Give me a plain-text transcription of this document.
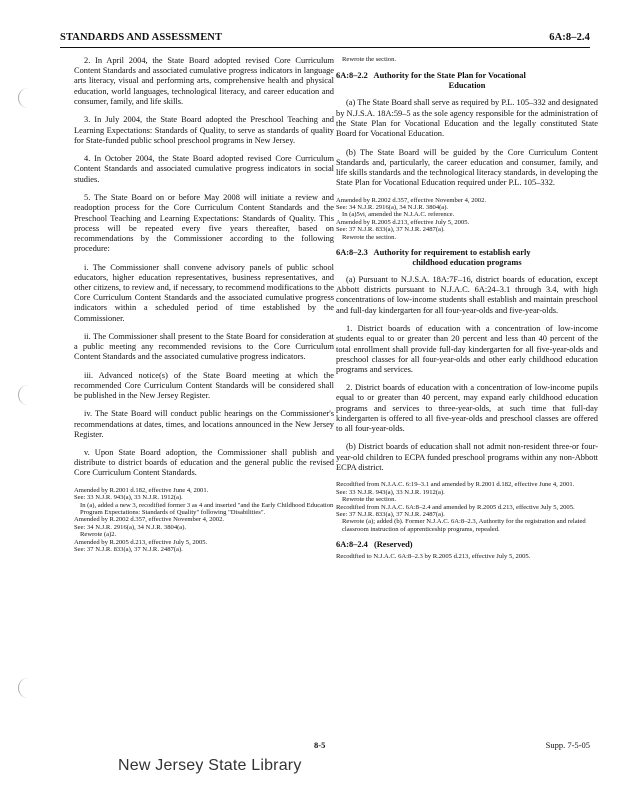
STANDARDS AND ASSESSMENT	6A:8–2.4

2. In April 2004, the State Board adopted revised Core Curriculum Content Standards and associated cumulative progress indicators in language arts literacy, visual and performing arts, comprehensive health and physical education, world languages, technological literacy, and career education and consumer, family, and life skills.

3. In July 2004, the State Board adopted the Preschool Teaching and Learning Expectations: Standards of Quality, to serve as standards of quality for State-funded public school preschool programs in New Jersey.

4. In October 2004, the State Board adopted revised Core Curriculum Content Standards and associated cumulative progress indicators in social studies.

5. The State Board on or before May 2008 will initiate a review and readoption process for the Core Curriculum Content Standards and the Preschool Teaching and Learning Expectations: Standards of Quality. This process will be repeated every five years thereafter, based on recommendations by the Commissioner according to the following procedure:

i. The Commissioner shall convene advisory panels of public school educators, higher education representatives, business representatives, and other citizens, to review and, if necessary, to recommend modifications to the Core Curriculum Content Standards and the associated cumulative progress indicators within a scheduled period of time established by the Commissioner.

ii. The Commissioner shall present to the State Board for consideration at a public meeting any recommended revisions to the Core Curriculum Content Standards and the associated cumulative progress indicators.

iii. Advanced notice(s) of the State Board meeting at which the recommended Core Curriculum Content Standards will be considered shall be published in the New Jersey Register.

iv. The State Board will conduct public hearings on the Commissioner's recommendations at dates, times, and locations announced in the New Jersey Register.

v. Upon State Board adoption, the Commissioner shall publish and distribute to district boards of education and the general public the revised Core Curriculum Content Standards.

Amended by R.2001 d.182, effective June 4, 2001.
See: 33 N.J.R. 943(a), 33 N.J.R. 1912(a).
In (a), added a new 3, recodified former 3 as 4 and inserted "and the Early Childhood Education Program Expectations: Standards of Quality" following "Disabilities".
Amended by R.2002 d.357, effective November 4, 2002.
See: 34 N.J.R. 2916(a), 34 N.J.R. 3804(a).
Rewrote (a)2.
Amended by R.2005 d.213, effective July 5, 2005.
See: 37 N.J.R. 833(a), 37 N.J.R. 2487(a).
Rewrote the section.
6A:8–2.2 Authority for the State Plan for Vocational
Education

(a) The State Board shall serve as required by P.L. 105–332 and designated by N.J.S.A. 18A:59–5 as the sole agency responsible for the administration of the State Plan for Vocational Education and the legally constituted State Board for Vocational Education.

(b) The State Board will be guided by the Core Curriculum Content Standards and, particularly, the career education and consumer, family, and life skills standards and the technological literacy standards, in developing the State Plan for Vocational Education required under P.L. 105–332.

Amended by R.2002 d.357, effective November 4, 2002.
See: 34 N.J.R. 2916(a), 34 N.J.R. 3804(a).
In (a)5vi, amended the N.J.A.C. reference.
Amended by R.2005 d.213, effective July 5, 2005.
See: 37 N.J.R. 833(a), 37 N.J.R. 2487(a).
Rewrote the section.
6A:8–2.3 Authority for requirement to establish early
childhood education programs

(a) Pursuant to N.J.S.A. 18A:7F–16, district boards of education, except Abbott districts pursuant to N.J.A.C. 6A:24–3.1 through 3.4, with high concentrations of low-income students shall establish and maintain preschool and full-day kindergarten for all four-year-olds and five-year-olds.

1. District boards of education with a concentration of low-income students equal to or greater than 20 percent and less than 40 percent of the total enrollment shall provide full-day kindergarten for all five-year-olds and preschool classes for all four-year-olds and other early childhood education programs and services.

2. District boards of education with a concentration of low-income pupils equal to or greater than 40 percent, may expand early childhood education programs and services to three-year-olds, at such time that full-day kindergarten is offered to all five-year-olds and preschool classes are offered to all four-year-olds.

(b) District boards of education shall not admit non-resident three-or four-year-old children to ECPA funded preschool programs within any non-Abbott ECPA district.

Recodified from N.J.A.C. 6:19–3.1 and amended by R.2001 d.182, effective June 4, 2001.
See: 33 N.J.R. 943(a), 33 N.J.R. 1912(a).
Rewrote the section.
Recodified from N.J.A.C. 6A:8–2.4 and amended by R.2005 d.213, effective July 5, 2005.
See: 37 N.J.R. 833(a), 37 N.J.R. 2487(a).
Rewrote (a); added (b). Former N.J.A.C. 6A:8–2.3, Authority for the registration and related classroom instruction of apprenticeship programs, repealed.
6A:8–2.4 (Reserved)
Recodified to N.J.A.C. 6A:8–2.3 by R.2005 d.213, effective July 5, 2005.
8-5	Supp. 7-5-05
New Jersey State Library
